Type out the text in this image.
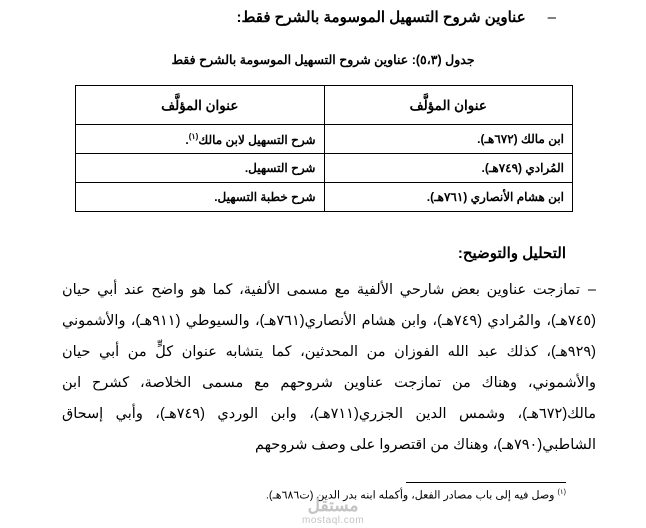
–عناوين شروح التسهيل الموسومة بالشرح فقط:
جدول (٥،٣): عناوين شروح التسهيل الموسومة بالشرح فقط
عنوان المؤلَّف	عنوان المؤلَّف
ابن مالك (٦٧٢هـ).	شرح التسهيل لابن مالك$^{(١)}$.
المُرادي (٧٤٩هـ).	شرح التسهيل.
ابن هشام الأنصاري (٧٦١هـ).	شرح خطبة التسهيل.
التحليل والتوضيح:
–تمازجت عناوين بعض شارحي الألفية مع مسمى الألفية، كما هو واضح عند أبي حيان (٧٤٥هـ)، والمُرادي (٧٤٩هـ)، وابن هشام الأنصاري(٧٦١هـ)، والسيوطي (٩١١هـ)، والأشموني (٩٢٩هـ)، كذلك عبد الله الفوزان من المحدثين، كما يتشابه عنوان كلٍّ من أبي حيان والأشموني، وهناك من تمازجت عناوين شروحهم مع مسمى الخلاصة، كشرح ابن مالك(٦٧٢هـ)، وشمس الدين الجزري(٧١١هـ)، وابن الوردي (٧٤٩هـ)، وأبي إسحاق الشاطبي(٧٩٠هـ)، وهناك من اقتصروا على وصف شروحهم
$^{(١)}$ وصل فيه إلى باب مصادر الفعل، وأكمله ابنه بدر الدين (ت٦٨٦هـ).
مستقل
mostaql.com
